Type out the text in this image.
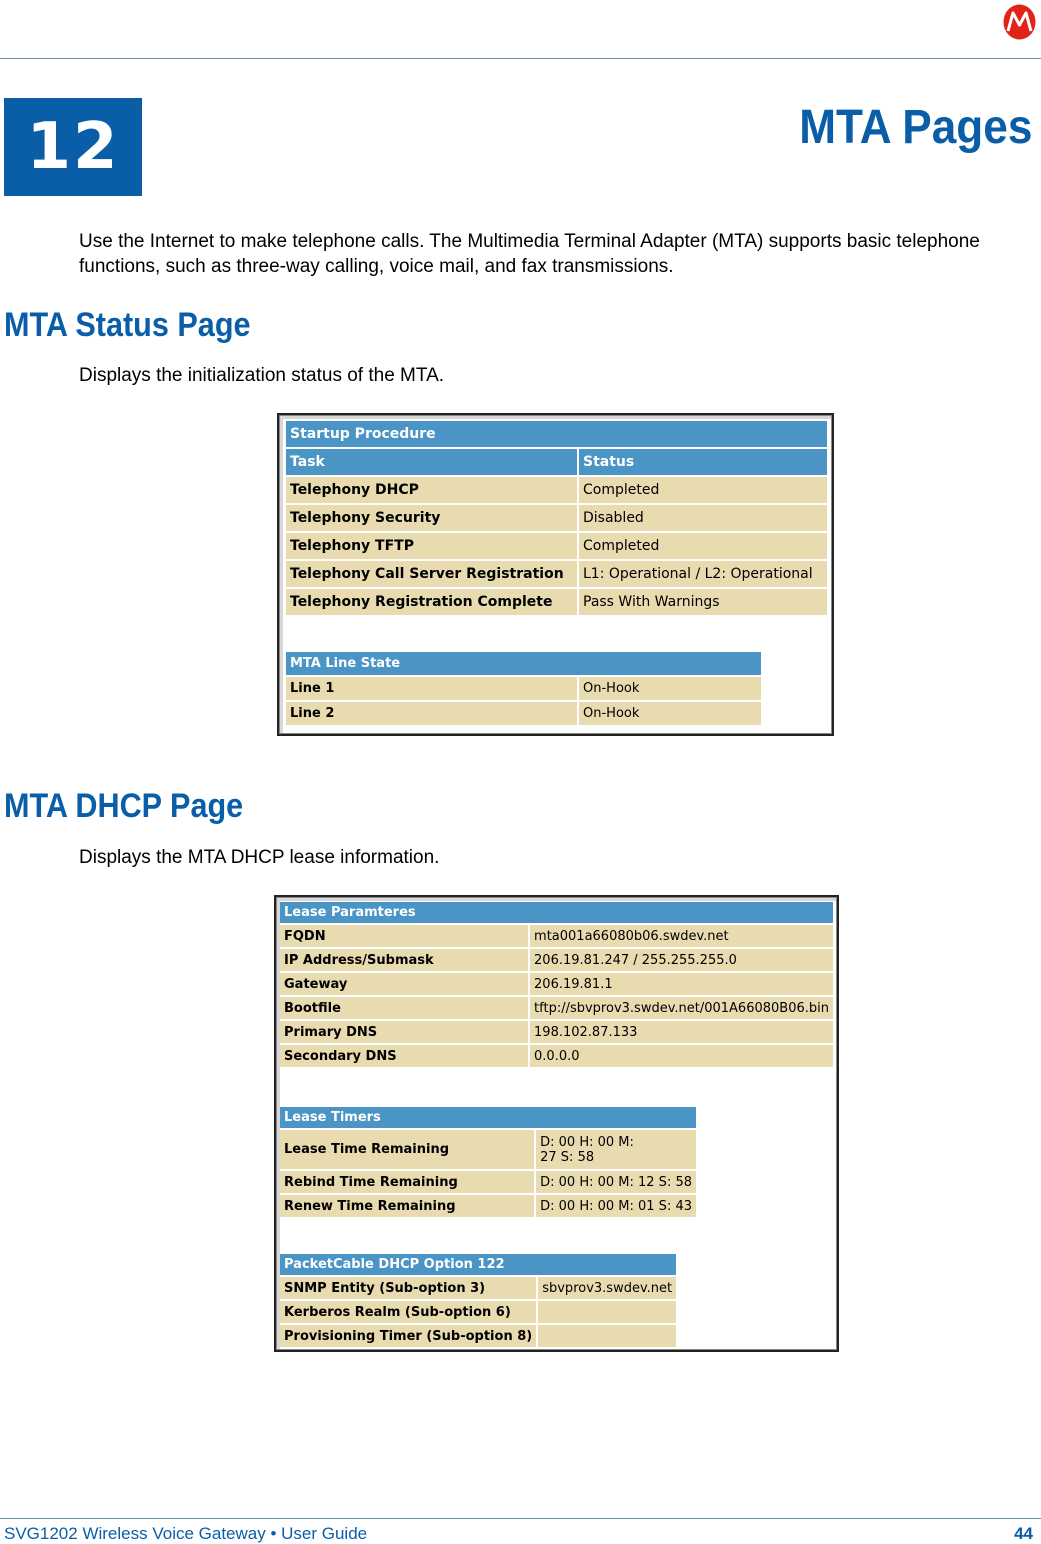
12	MTA Pages
Use the Internet to make telephone calls. The Multimedia Terminal Adapter (MTA) supports basic telephone functions, such as three-way calling, voice mail, and fax transmissions.
MTA Status Page
Displays the initialization status of the MTA.
Startup Procedure	
Task	Status
Telephony DHCP	Completed
Telephony Security	Disabled
Telephony TFTP	Completed
Telephony Call Server Registration	L1: Operational / L2: Operational
Telephony Registration Complete	Pass With Warnings
MTA Line State	
Line 1	On-Hook
Line 2	On-Hook
MTA DHCP Page
Displays the MTA DHCP lease information.
Lease Paramteres	
FQDN	mta001a66080b06.swdev.net
IP Address/Submask	206.19.81.247 / 255.255.255.0
Gateway	206.19.81.1
Bootfile	tftp://sbvprov3.swdev.net/001A66080B06.bin
Primary DNS	198.102.87.133
Secondary DNS	0.0.0.0
Lease Timers	
Lease Time Remaining	D: 00 H: 00 M:
27 S: 58
Rebind Time Remaining	D: 00 H: 00 M: 12 S: 58
Renew Time Remaining	D: 00 H: 00 M: 01 S: 43
PacketCable DHCP Option 122	
SNMP Entity (Sub-option 3)	sbvprov3.swdev.net
Kerberos Realm (Sub-option 6)	
Provisioning Timer (Sub-option 8)	
SVG1202 Wireless Voice Gateway • User Guide	44
